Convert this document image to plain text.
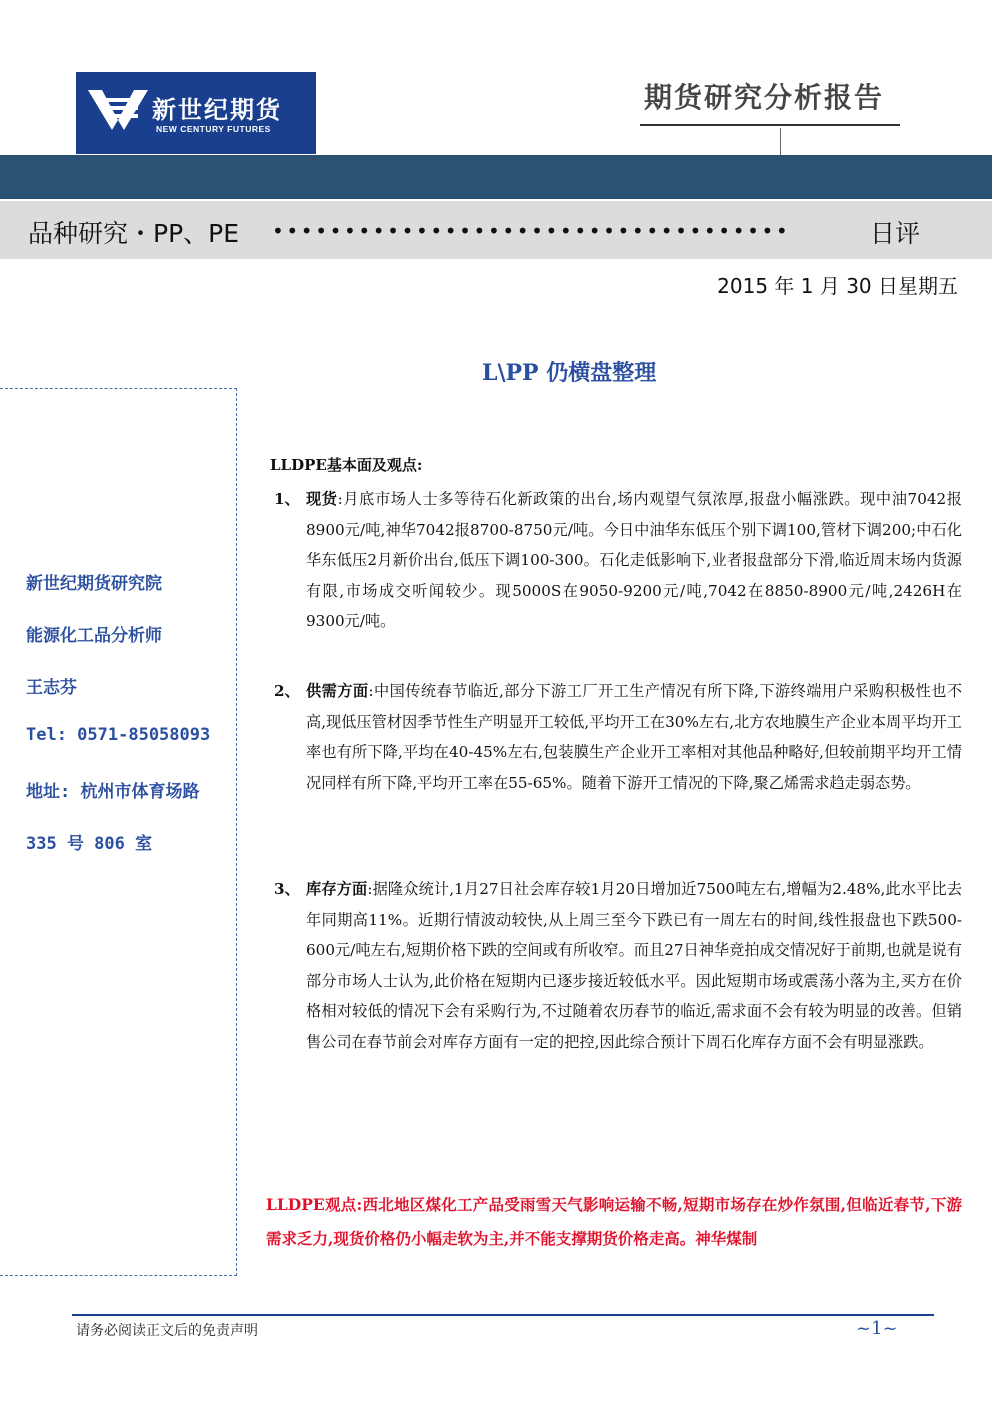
新世纪期货
NEW CENTURY FUTURES
期货研究分析报告
品种研究・PP、PE ••••••••••••••••••••••••••••••••••••	日评
2015 年 1 月 30 日星期五
L\PP 仍横盘整理
新世纪期货研究院
能源化工品分析师
王志芬
Tel: 0571-85058093
地址: 杭州市体育场路
335 号 806 室
LLDPE基本面及观点:
1、 现货:月底市场人士多等待石化新政策的出台,场内观望气氛浓厚,报盘小幅涨跌。现中油7042报8900元/吨,神华7042报8700-8750元/吨。今日中油华东低压个别下调100,管材下调200;中石化华东低压2月新价出台,低压下调100-300。石化走低影响下,业者报盘部分下滑,临近周末场内货源有限,市场成交听闻较少。现5000S在9050-9200元/吨,7042在8850-8900元/吨,2426H在9300元/吨。
2、 供需方面:中国传统春节临近,部分下游工厂开工生产情况有所下降,下游终端用户采购积极性也不高,现低压管材因季节性生产明显开工较低,平均开工在30%左右,北方农地膜生产企业本周平均开工率也有所下降,平均在40-45%左右,包装膜生产企业开工率相对其他品种略好,但较前期平均开工情况同样有所下降,平均开工率在55-65%。随着下游开工情况的下降,聚乙烯需求趋走弱态势。
3、 库存方面:据隆众统计,1月27日社会库存较1月20日增加近7500吨左右,增幅为2.48%,此水平比去年同期高11%。近期行情波动较快,从上周三至今下跌已有一周左右的时间,线性报盘也下跌500-600元/吨左右,短期价格下跌的空间或有所收窄。而且27日神华竞拍成交情况好于前期,也就是说有部分市场人士认为,此价格在短期内已逐步接近较低水平。因此短期市场或震荡小落为主,买方在价格相对较低的情况下会有采购行为,不过随着农历春节的临近,需求面不会有较为明显的改善。但销售公司在春节前会对库存方面有一定的把控,因此综合预计下周石化库存方面不会有明显涨跌。
LLDPE观点:西北地区煤化工产品受雨雪天气影响运输不畅,短期市场存在炒作氛围,但临近春节,下游需求乏力,现货价格仍小幅走软为主,并不能支撑期货价格走高。神华煤制
请务必阅读正文后的免责声明	~1~
